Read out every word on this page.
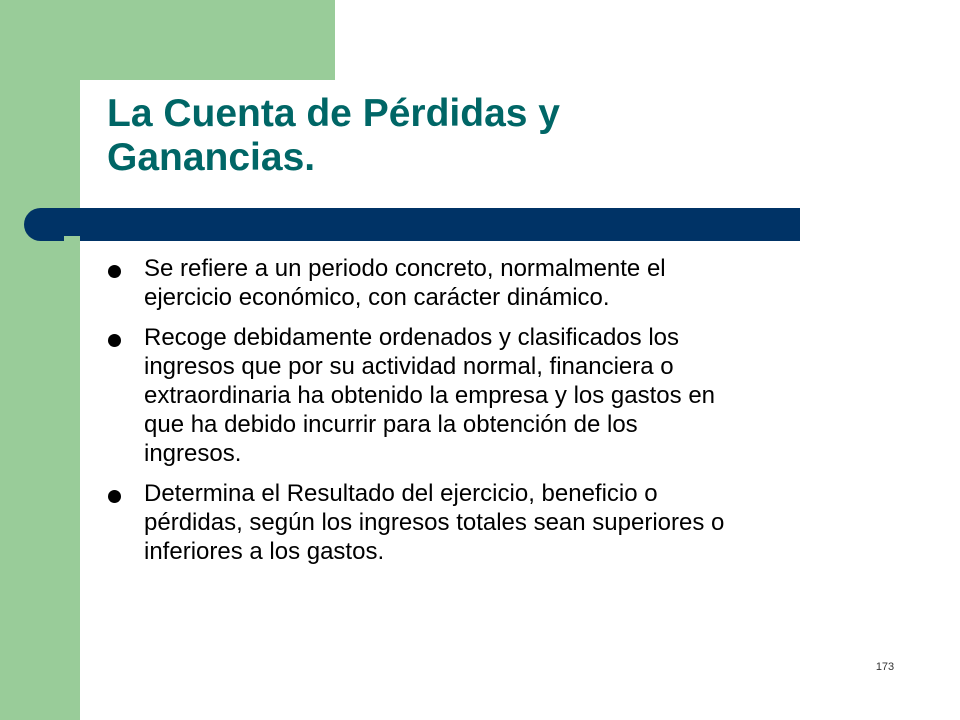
La Cuenta de Pérdidas y
Ganancias.
Se refiere a un periodo concreto, normalmente el
ejercicio económico, con carácter dinámico.
Recoge debidamente ordenados y clasificados los
ingresos que por su actividad normal, financiera o
extraordinaria ha obtenido la empresa y los gastos en
que ha debido incurrir para la obtención de los
ingresos.
Determina el Resultado del ejercicio, beneficio o
pérdidas, según los ingresos totales sean superiores o
inferiores a los gastos.
173
